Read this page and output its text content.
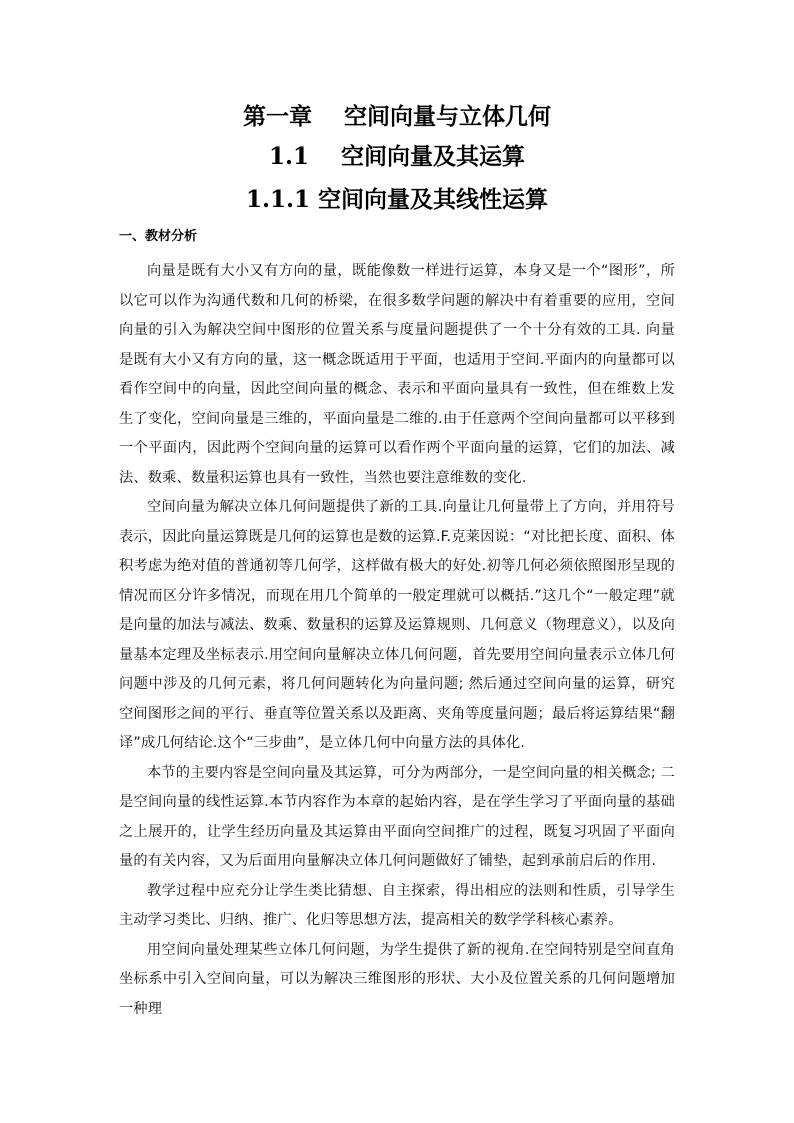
第一章    空间向量与立体几何
1.1    空间向量及其运算
1.1.1 空间向量及其线性运算
一、教材分析

向量是既有大小又有方向的量，既能像数一样进行运算，本身又是一个“图形”，所以它可以作为沟通代数和几何的桥梁，在很多数学问题的解决中有着重要的应用，空间向量的引入为解决空间中图形的位置关系与度量问题提供了一个十分有效的工具. 向量是既有大小又有方向的量，这一概念既适用于平面，也适用于空间.平面内的向量都可以看作空间中的向量，因此空间向量的概念、表示和平面向量具有一致性，但在维数上发生了变化，空间向量是三维的，平面向量是二维的.由于任意两个空间向量都可以平移到一个平面内，因此两个空间向量的运算可以看作两个平面向量的运算，它们的加法、减法、数乘、数量积运算也具有一致性，当然也要注意维数的变化.

空间向量为解决立体几何问题提供了新的工具.向量让几何量带上了方向，并用符号表示，因此向量运算既是几何的运算也是数的运算.F.克莱因说：“对比把长度、面积、体积考虑为绝对值的普通初等几何学，这样做有极大的好处.初等几何必须依照图形呈现的情况而区分许多情况，而现在用几个简单的一般定理就可以概括.”这几个“一般定理”就是向量的加法与减法、数乘、数量积的运算及运算规则、几何意义（物理意义），以及向量基本定理及坐标表示.用空间向量解决立体几何问题，首先要用空间向量表示立体几何问题中涉及的几何元素，将几何问题转化为向量问题; 然后通过空间向量的运算，研究空间图形之间的平行、垂直等位置关系以及距离、夹角等度量问题；最后将运算结果“翻译”成几何结论.这个“三步曲”，是立体几何中向量方法的具体化.

本节的主要内容是空间向量及其运算，可分为两部分，一是空间向量的相关概念; 二是空间向量的线性运算.本节内容作为本章的起始内容，是在学生学习了平面向量的基础之上展开的，让学生经历向量及其运算由平面向空间推广的过程，既复习巩固了平面向量的有关内容，又为后面用向量解决立体几何问题做好了铺垫，起到承前启后的作用.

教学过程中应充分让学生类比猜想、自主探索，得出相应的法则和性质，引导学生主动学习类比、归纳、推广、化归等思想方法，提高相关的数学学科核心素养。

用空间向量处理某些立体几何问题，为学生提供了新的视角.在空间特别是空间直角坐标系中引入空间向量，可以为解决三维图形的形状、大小及位置关系的几何问题增加一种理
